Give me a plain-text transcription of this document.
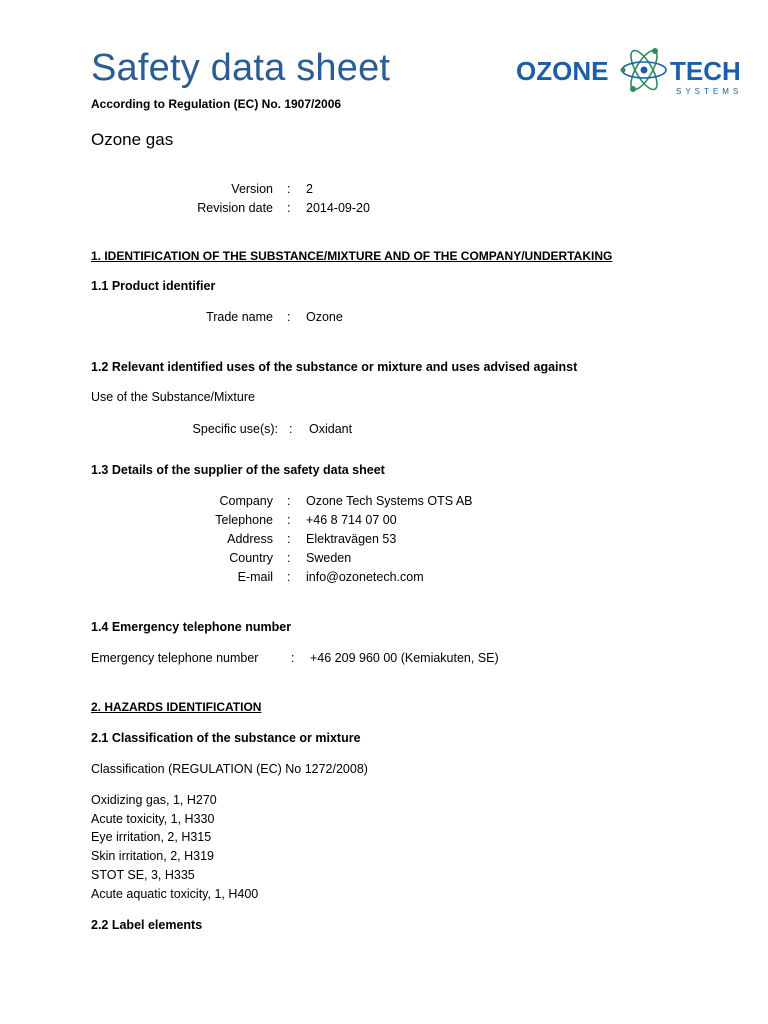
Safety data sheet
According to Regulation (EC) No. 1907/2006
Ozone gas
OZONE TECH
SYSTEMS
Version : 2
Revision date : 2014-09-20
1. IDENTIFICATION OF THE SUBSTANCE/MIXTURE AND OF THE COMPANY/UNDERTAKING
1.1 Product identifier
Trade name : Ozone
1.2 Relevant identified uses of the substance or mixture and uses advised against
Use of the Substance/Mixture
Specific use(s): : Oxidant
1.3 Details of the supplier of the safety data sheet
Company : Ozone Tech Systems OTS AB
Telephone : +46 8 714 07 00
Address : Elektravägen 53
Country : Sweden
E-mail : info@ozonetech.com
1.4 Emergency telephone number
Emergency telephone number	: +46 209 960 00 (Kemiakuten, SE)
2. HAZARDS IDENTIFICATION
2.1 Classification of the substance or mixture
Classification (REGULATION (EC) No 1272/2008)
Oxidizing gas, 1, H270
Acute toxicity, 1, H330
Eye irritation, 2, H315
Skin irritation, 2, H319
STOT SE, 3, H335
Acute aquatic toxicity, 1, H400
2.2 Label elements
